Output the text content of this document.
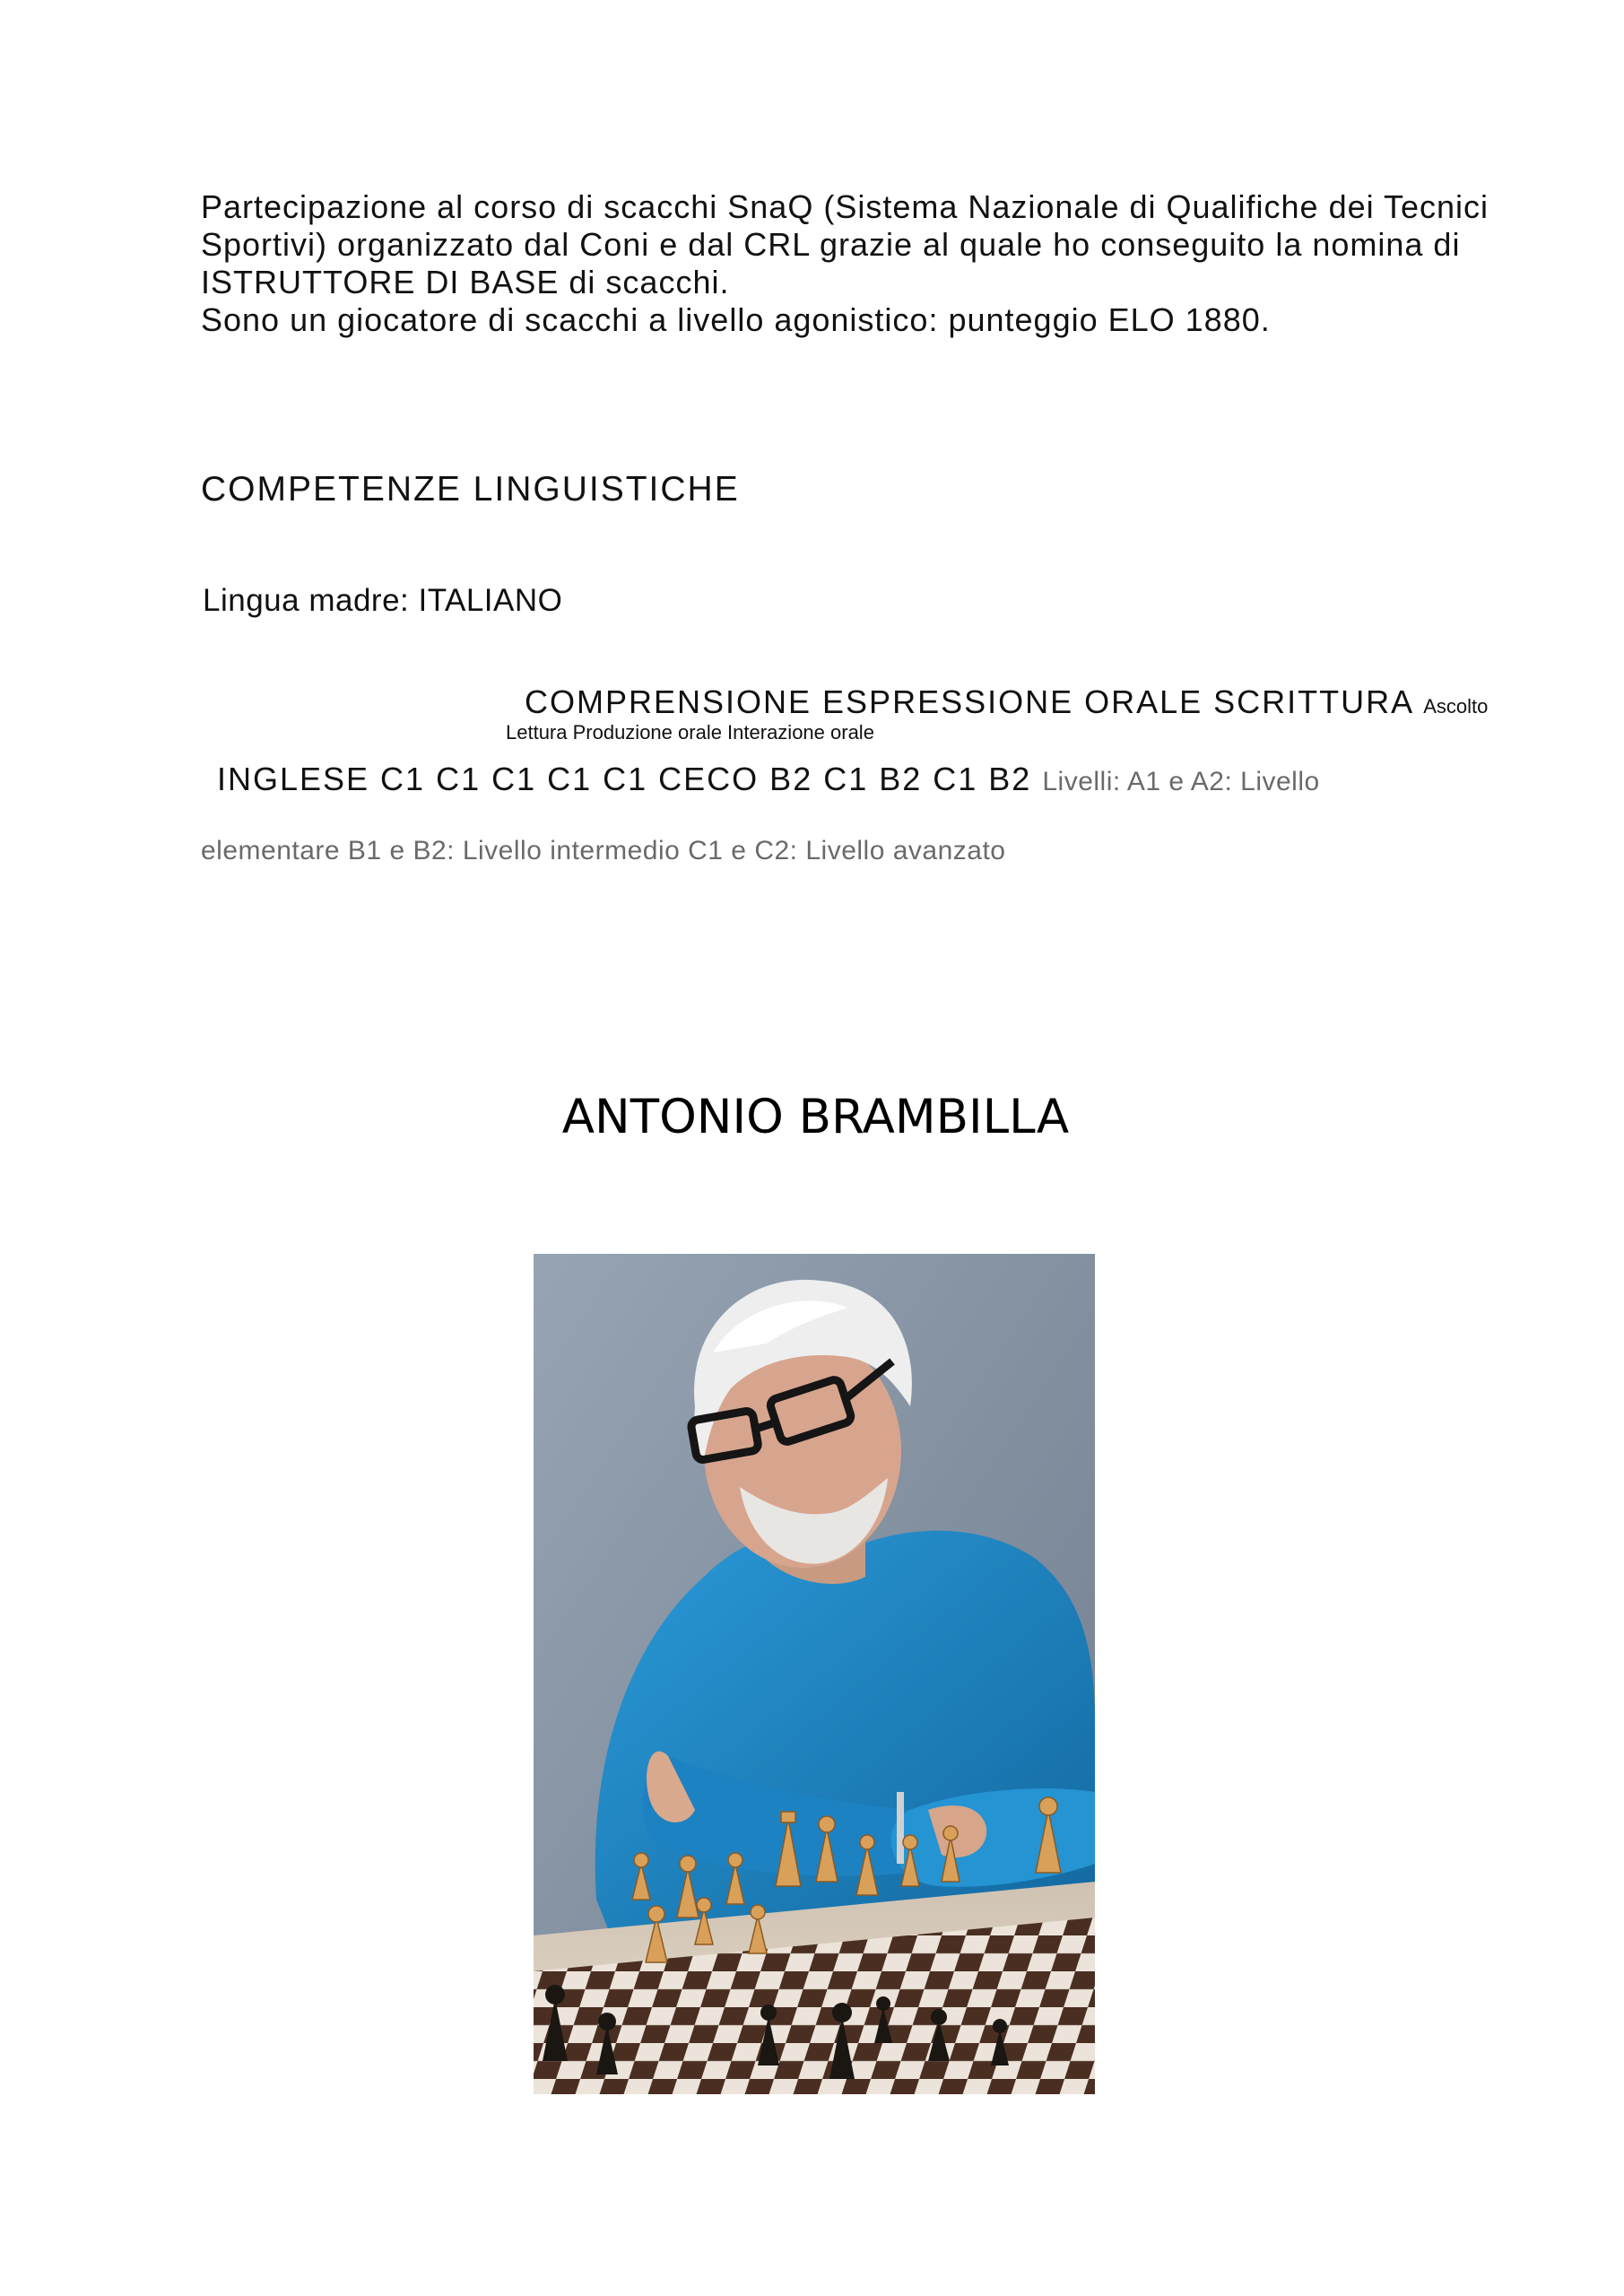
Partecipazione al corso di scacchi SnaQ (Sistema Nazionale di Qualifiche dei Tecnici
Sportivi) organizzato dal Coni e dal CRL grazie al quale ho conseguito la nomina di
ISTRUTTORE DI BASE di scacchi.
Sono un giocatore di scacchi a livello agonistico: punteggio ELO 1880.
COMPETENZE LINGUISTICHE
Lingua madre: ITALIANO
COMPRENSIONE ESPRESSIONE ORALE SCRITTURA Ascolto
Lettura Produzione orale Interazione orale
INGLESE C1 C1 C1 C1 C1 CECO B2 C1 B2 C1 B2 Livelli: A1 e A2: Livello
elementare B1 e B2: Livello intermedio C1 e C2: Livello avanzato
ANTONIO BRAMBILLA
